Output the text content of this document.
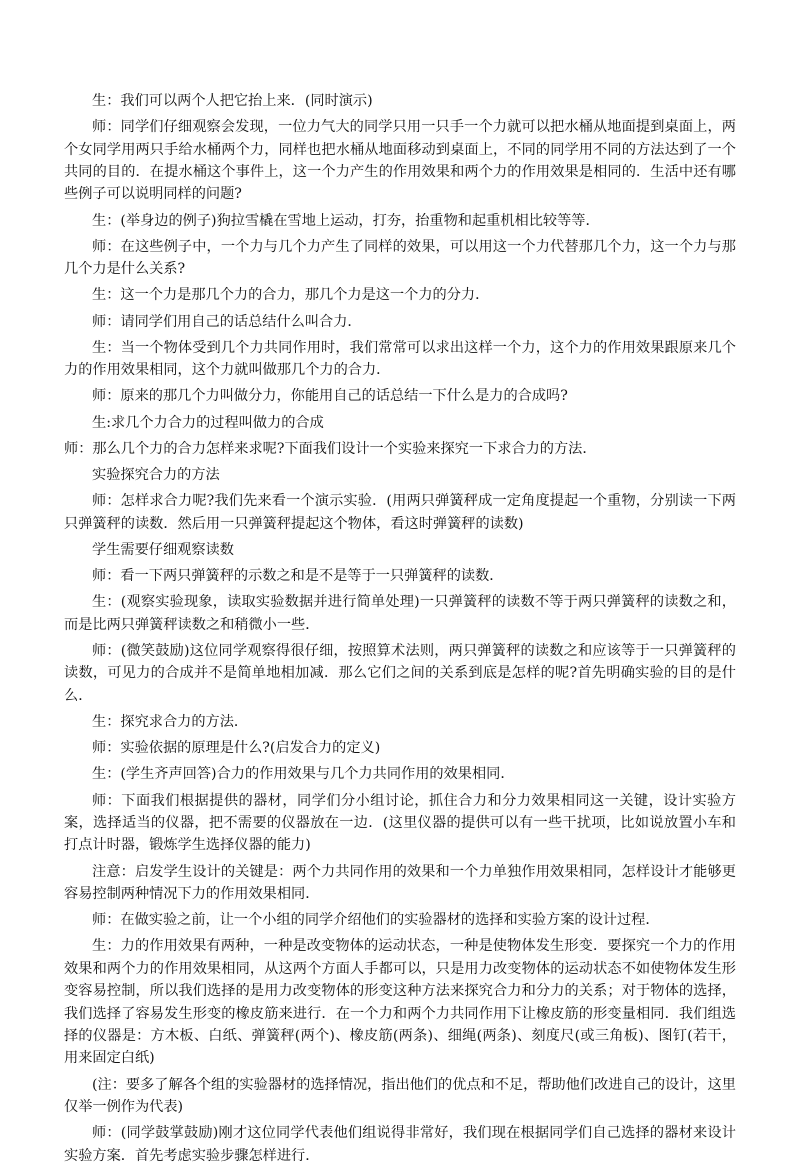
生：我们可以两个人把它抬上来．(同时演示)

师：同学们仔细观察会发现，一位力气大的同学只用一只手一个力就可以把水桶从地面提到桌面上，两个女同学用两只手给水桶两个力，同样也把水桶从地面移动到桌面上，不同的同学用不同的方法达到了一个共同的目的．在提水桶这个事件上，这一个力产生的作用效果和两个力的作用效果是相同的．生活中还有哪些例子可以说明同样的问题?

生：(举身边的例子)狗拉雪橇在雪地上运动，打夯，抬重物和起重机相比较等等．

师：在这些例子中，一个力与几个力产生了同样的效果，可以用这一个力代替那几个力，这一个力与那几个力是什么关系?

生：这一个力是那几个力的合力，那几个力是这一个力的分力．

师：请同学们用自己的话总结什么叫合力．

生：当一个物体受到几个力共同作用时，我们常常可以求出这样一个力，这个力的作用效果跟原来几个力的作用效果相同，这个力就叫做那几个力的合力．

师：原来的那几个力叫做分力，你能用自己的话总结一下什么是力的合成吗?

生:求几个力合力的过程叫做力的合成

师：那么几个力的合力怎样来求呢?下面我们设计一个实验来探究一下求合力的方法．

实验探究合力的方法

师：怎样求合力呢?我们先来看一个演示实验．(用两只弹簧秤成一定角度提起一个重物，分别读一下两只弹簧秤的读数．然后用一只弹簧秤提起这个物体，看这时弹簧秤的读数)

学生需要仔细观察读数

师：看一下两只弹簧秤的示数之和是不是等于一只弹簧秤的读数．

生：(观察实验现象，读取实验数据并进行简单处理)一只弹簧秤的读数不等于两只弹簧秤的读数之和，而是比两只弹簧秤读数之和稍微小一些．

师：(微笑鼓励)这位同学观察得很仔细，按照算术法则，两只弹簧秤的读数之和应该等于一只弹簧秤的读数，可见力的合成并不是简单地相加减．那么它们之间的关系到底是怎样的呢?首先明确实验的目的是什么．

生：探究求合力的方法．

师：实验依据的原理是什么?(启发合力的定义)

生：(学生齐声回答)合力的作用效果与几个力共同作用的效果相同．

师：下面我们根据提供的器材，同学们分小组讨论，抓住合力和分力效果相同这一关键，设计实验方案，选择适当的仪器，把不需要的仪器放在一边．(这里仪器的提供可以有一些干扰项，比如说放置小车和打点计时器，锻炼学生选择仪器的能力)

注意：启发学生设计的关键是：两个力共同作用的效果和一个力单独作用效果相同，怎样设计才能够更容易控制两种情况下力的作用效果相同．

师：在做实验之前，让一个小组的同学介绍他们的实验器材的选择和实验方案的设计过程．

生：力的作用效果有两种，一种是改变物体的运动状态，一种是使物体发生形变．要探究一个力的作用效果和两个力的作用效果相同，从这两个方面人手都可以，只是用力改变物体的运动状态不如使物体发生形变容易控制，所以我们选择的是用力改变物体的形变这种方法来探究合力和分力的关系；对于物体的选择，我们选择了容易发生形变的橡皮筋来进行．在一个力和两个力共同作用下让橡皮筋的形变量相同．我们组选择的仪器是：方木板、白纸、弹簧秤(两个)、橡皮筋(两条)、细绳(两条)、刻度尺(或三角板)、图钉(若干，用来固定白纸)

(注：要多了解各个组的实验器材的选择情况，指出他们的优点和不足，帮助他们改进自己的设计，这里仅举一例作为代表)

师：(同学鼓掌鼓励)刚才这位同学代表他们组说得非常好，我们现在根据同学们自己选择的器材来设计实验方案．首先考虑实验步骤怎样进行．
